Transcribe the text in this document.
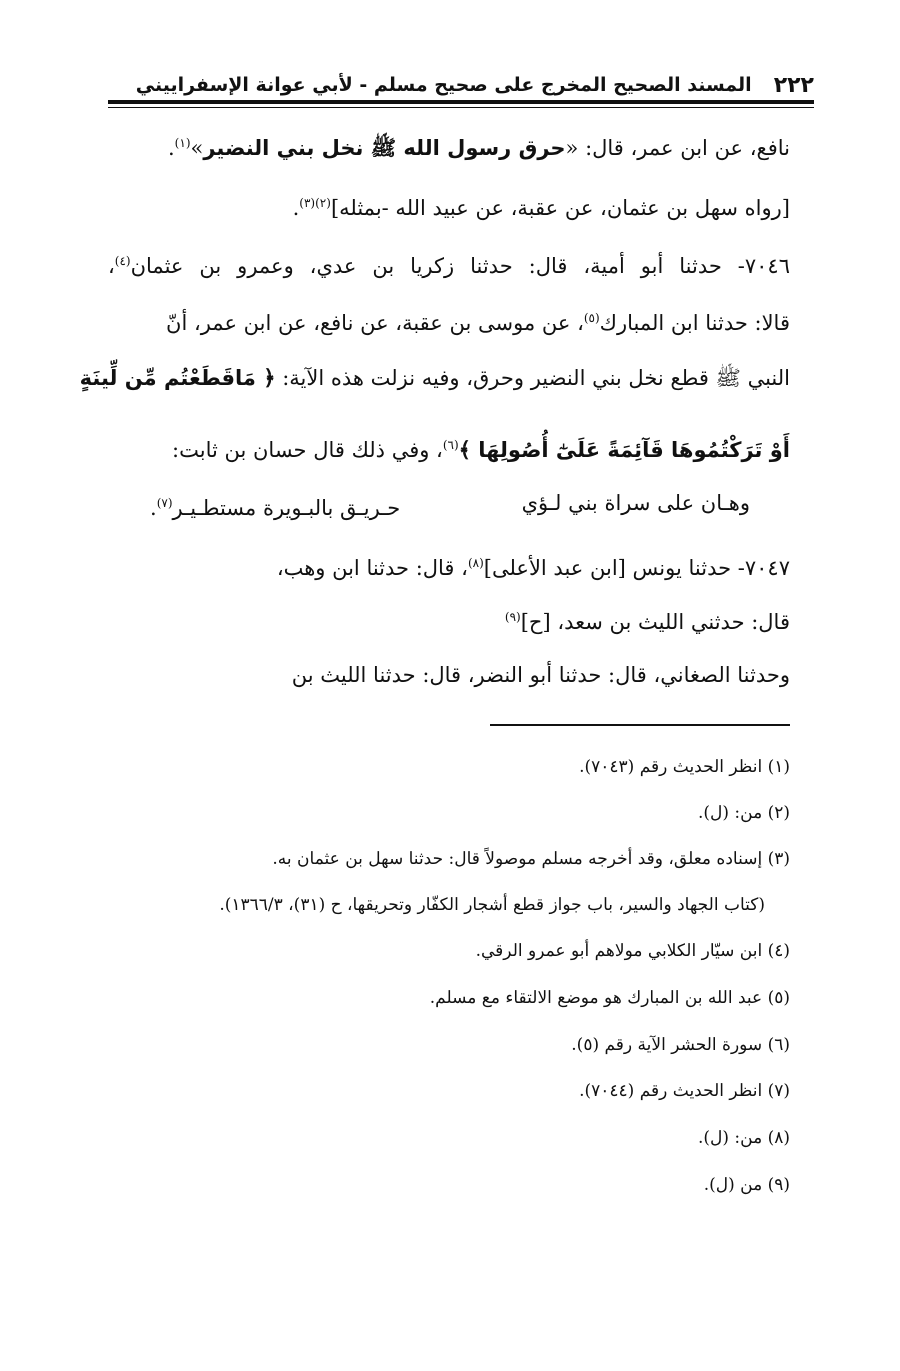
٢٢٢
المسند الصحيح المخرج على صحيح مسلم - لأبي عوانة الإسفراييني
نافع، عن ابن عمر، قال: «حرق رسول الله ﷺ نخل بني النضير»$^{(١)}$.
[رواه سهل بن عثمان، عن عقبة، عن عبيد الله -بمثله]$^{(٢)(٣)}$.
٧٠٤٦- حدثنا أبو أمية، قال: حدثنا زكريا بن عدي، وعمرو بن عثمان$^{(٤)}$،
قالا: حدثنا ابن المبارك$^{(٥)}$، عن موسى بن عقبة، عن نافع، عن ابن عمر، أنّ
النبي ﷺ قطع نخل بني النضير وحرق، وفيه نزلت هذه الآية: ﴿ مَاقَطَعْتُم مِّن لِّينَةٍ
أَوْ تَرَكْتُمُوهَا قَآئِمَةً عَلَىٰٓ أُصُولِهَا ﴾$^{(٦)}$، وفي ذلك قال حسان بن ثابت:
وهـان على سراة بني لـؤي
حـريـق بالبـويرة مستطـيـر$^{(٧)}$.
٧٠٤٧- حدثنا يونس [ابن عبد الأعلى]$^{(٨)}$، قال: حدثنا ابن وهب،
قال: حدثني الليث بن سعد، [ح]$^{(٩)}$
وحدثنا الصغاني، قال: حدثنا أبو النضر، قال: حدثنا الليث بن
(١) انظر الحديث رقم (٧٠٤٣).
(٢) من: (ل).
(٣) إسناده معلق، وقد أخرجه مسلم موصولاً قال: حدثنا سهل بن عثمان به.
(كتاب الجهاد والسير، باب جواز قطع أشجار الكفّار وتحريقها، ح (٣١)، ١٣٦٦/٣).
(٤) ابن سيّار الكلابي مولاهم أبو عمرو الرقي.
(٥) عبد الله بن المبارك هو موضع الالتقاء مع مسلم.
(٦) سورة الحشر الآية رقم (٥).
(٧) انظر الحديث رقم (٧٠٤٤).
(٨) من: (ل).
(٩) من (ل).
